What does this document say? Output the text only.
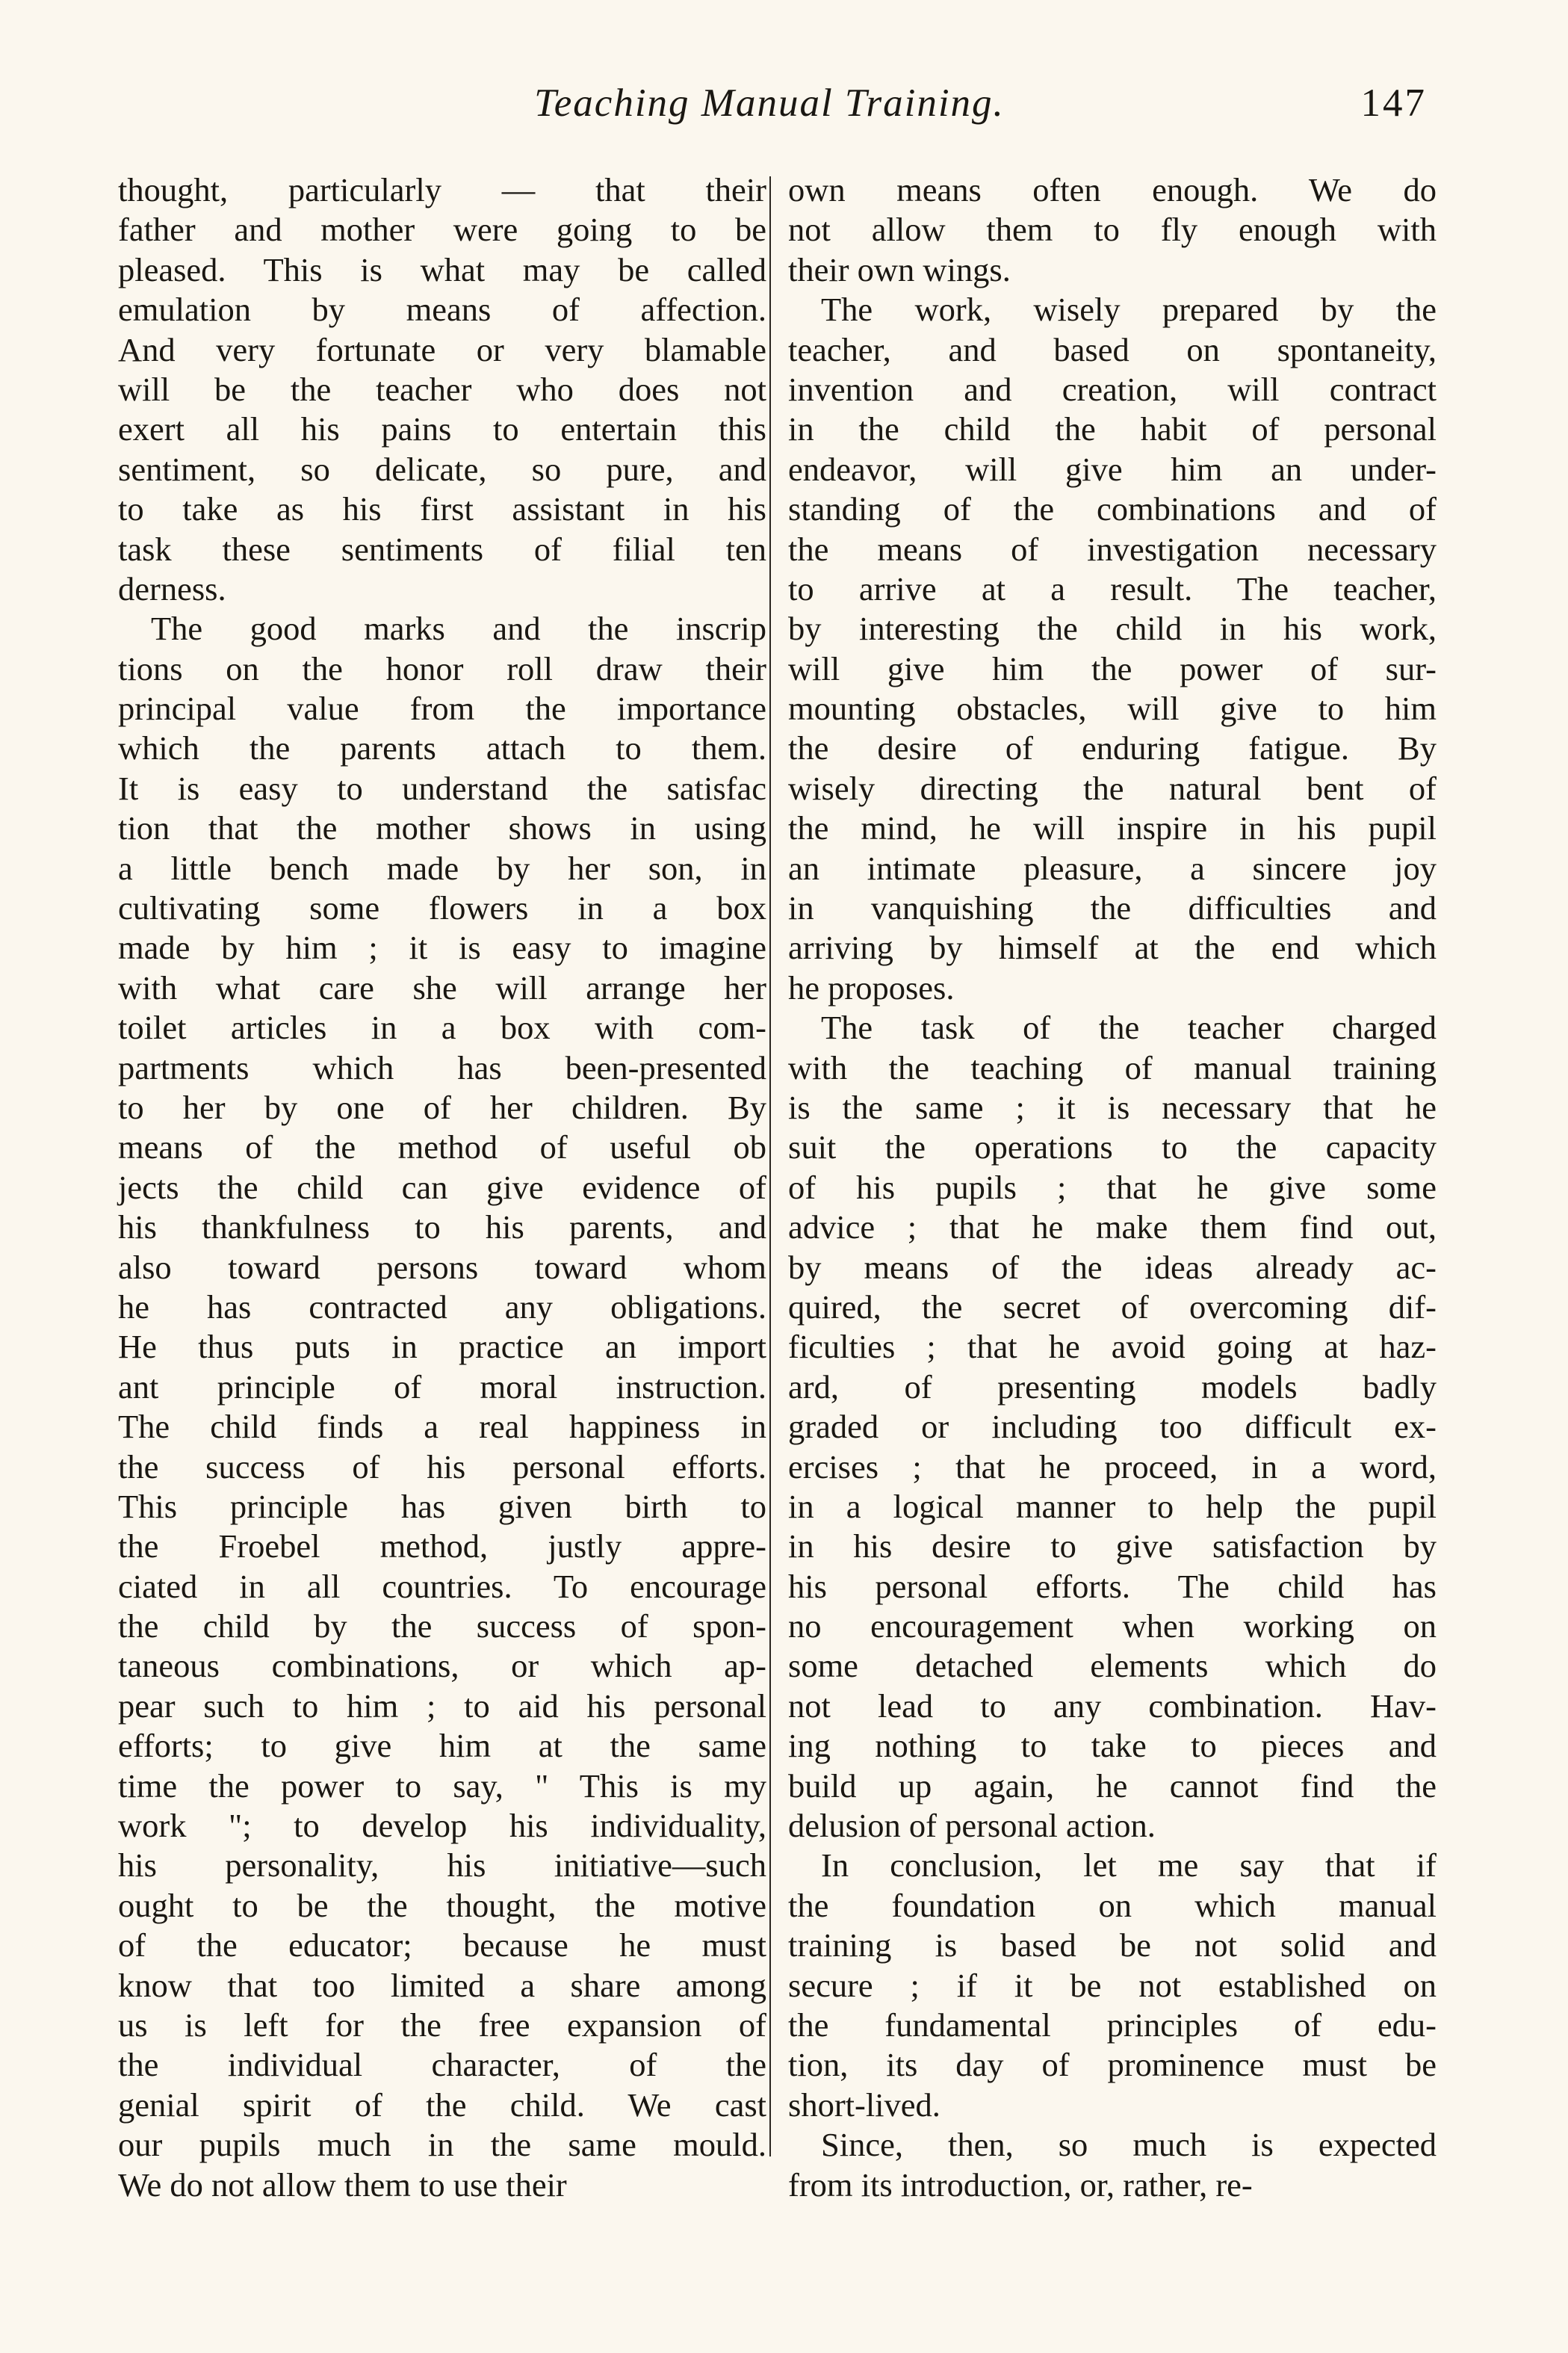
Teaching Manual Training.	147
thought, particularly — that their
father and mother were going to be
pleased. This is what may be called
emulation by means of affection.
And very fortunate or very blamable
will be the teacher who does not
exert all his pains to entertain this
sentiment, so delicate, so pure, and
to take as his first assistant in his
task these sentiments of filial ten
derness.
The good marks and the inscrip
tions on the honor roll draw their
principal value from the importance
which the parents attach to them.
It is easy to understand the satisfac
tion that the mother shows in using
a little bench made by her son, in
cultivating some flowers in a box
made by him ; it is easy to imagine
with what care she will arrange her
toilet articles in a box with com-
partments which has been-presented
to her by one of her children. By
means of the method of useful ob
jects the child can give evidence of
his thankfulness to his parents, and
also toward persons toward whom
he has contracted any obligations.
He thus puts in practice an import
ant principle of moral instruction.
The child finds a real happiness in
the success of his personal efforts.
This principle has given birth to
the Froebel method, justly appre-
ciated in all countries. To encourage
the child by the success of spon-
taneous combinations, or which ap-
pear such to him ; to aid his personal
efforts; to give him at the same
time the power to say, " This is my
work "; to develop his individuality,
his personality, his initiative—such
ought to be the thought, the motive
of the educator; because he must
know that too limited a share among
us is left for the free expansion of
the individual character, of the
genial spirit of the child. We cast
our pupils much in the same mould.
We do not allow them to use their
own means often enough. We do
not allow them to fly enough with
their own wings.
The work, wisely prepared by the
teacher, and based on spontaneity,
invention and creation, will contract
in the child the habit of personal
endeavor, will give him an under-
standing of the combinations and of
the means of investigation necessary
to arrive at a result. The teacher,
by interesting the child in his work,
will give him the power of sur-
mounting obstacles, will give to him
the desire of enduring fatigue. By
wisely directing the natural bent of
the mind, he will inspire in his pupil
an intimate pleasure, a sincere joy
in vanquishing the difficulties and
arriving by himself at the end which
he proposes.
The task of the teacher charged
with the teaching of manual training
is the same ; it is necessary that he
suit the operations to the capacity
of his pupils ; that he give some
advice ; that he make them find out,
by means of the ideas already ac-
quired, the secret of overcoming dif-
ficulties ; that he avoid going at haz-
ard, of presenting models badly
graded or including too difficult ex-
ercises ; that he proceed, in a word,
in a logical manner to help the pupil
in his desire to give satisfaction by
his personal efforts. The child has
no encouragement when working on
some detached elements which do
not lead to any combination. Hav-
ing nothing to take to pieces and
build up again, he cannot find the
delusion of personal action.
In conclusion, let me say that if
the foundation on which manual
training is based be not solid and
secure ; if it be not established on
the fundamental principles of edu-
tion, its day of prominence must be
short-lived.
Since, then, so much is expected
from its introduction, or, rather, re-
